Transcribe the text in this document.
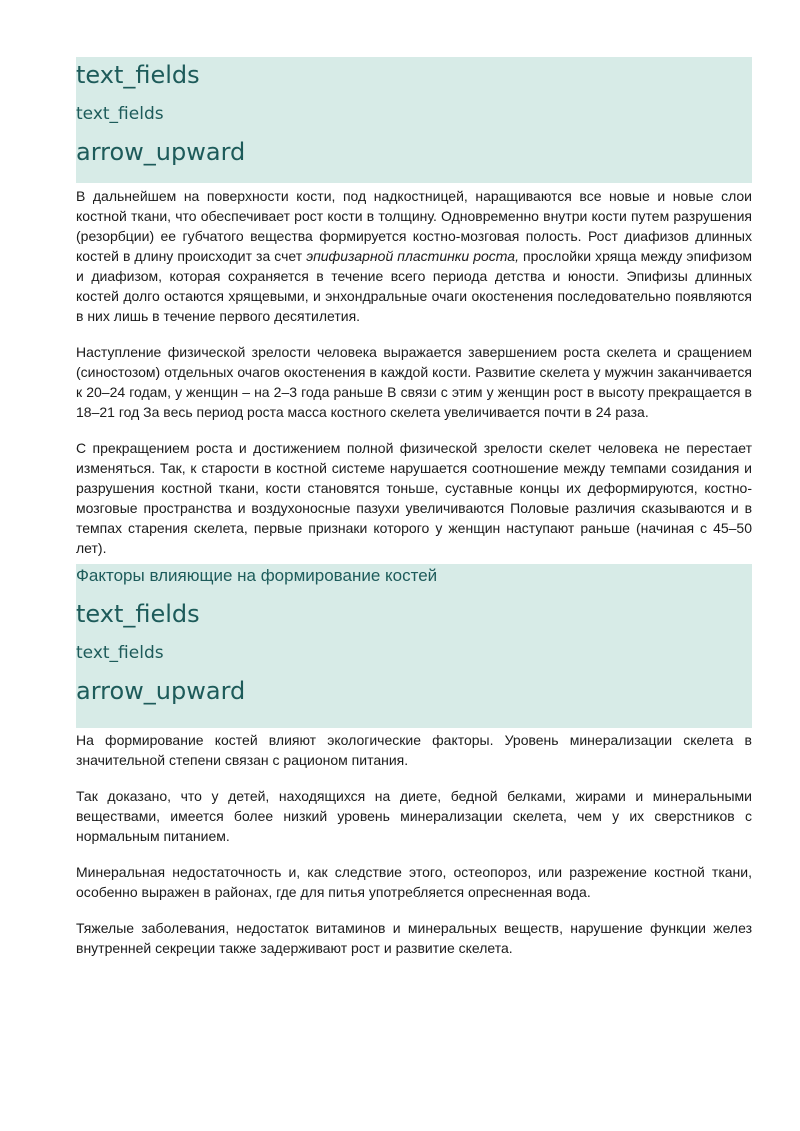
text_fields
text_fields
arrow_upward

В дальнейшем на поверхности кости, под надкостницей, наращиваются все новые и новые слои костной ткани, что обеспечивает рост кости в толщину. Одновременно внутри кости путем разрушения (резорбции) ее губчатого вещества формируется костно-мозговая полость. Рост диафизов длинных костей в длину происходит за счет эпифизарной пластинки роста, прослойки хряща между эпифизом и диафизом, которая сохраняется в течение всего периода детства и юности. Эпифизы длинных костей долго остаются хрящевыми, и энхондральные очаги окостенения последовательно появляются в них лишь в течение первого десятилетия.

Наступление физической зрелости человека выражается завершением роста скелета и сращением (синостозом) отдельных очагов окостенения в каждой кости. Развитие скелета у мужчин заканчивается к 20–24 годам, у женщин – на 2–3 года раньше В связи с этим у женщин рост в высоту прекращается в 18–21 год За весь период роста масса костного скелета увеличивается почти в 24 раза.

С прекращением роста и достижением полной физической зрелости скелет человека не перестает изменяться. Так, к старости в костной системе нарушается соотношение между темпами созидания и разрушения костной ткани, кости становятся тоньше, суставные концы их деформируются, костно-мозговые пространства и воздухоносные пазухи увеличиваются Половые различия сказываются и в темпах старения скелета, первые признаки которого у женщин наступают раньше (начиная с 45–50 лет).

Факторы влияющие на формирование костей
text_fields
text_fields
arrow_upward

На формирование костей влияют экологические факторы. Уровень минерализации скелета в значительной степени связан с рационом питания.

Так доказано, что у детей, находящихся на диете, бедной белками, жирами и минеральными веществами, имеется более низкий уровень минерализации скелета, чем у их сверстников с нормальным питанием.

Минеральная недостаточность и, как следствие этого, остеопороз, или разрежение костной ткани, особенно выражен в районах, где для питья употребляется опресненная вода.

Тяжелые заболевания, недостаток витаминов и минеральных веществ, нарушение функции желез внутренней секреции также задерживают рост и развитие скелета.
